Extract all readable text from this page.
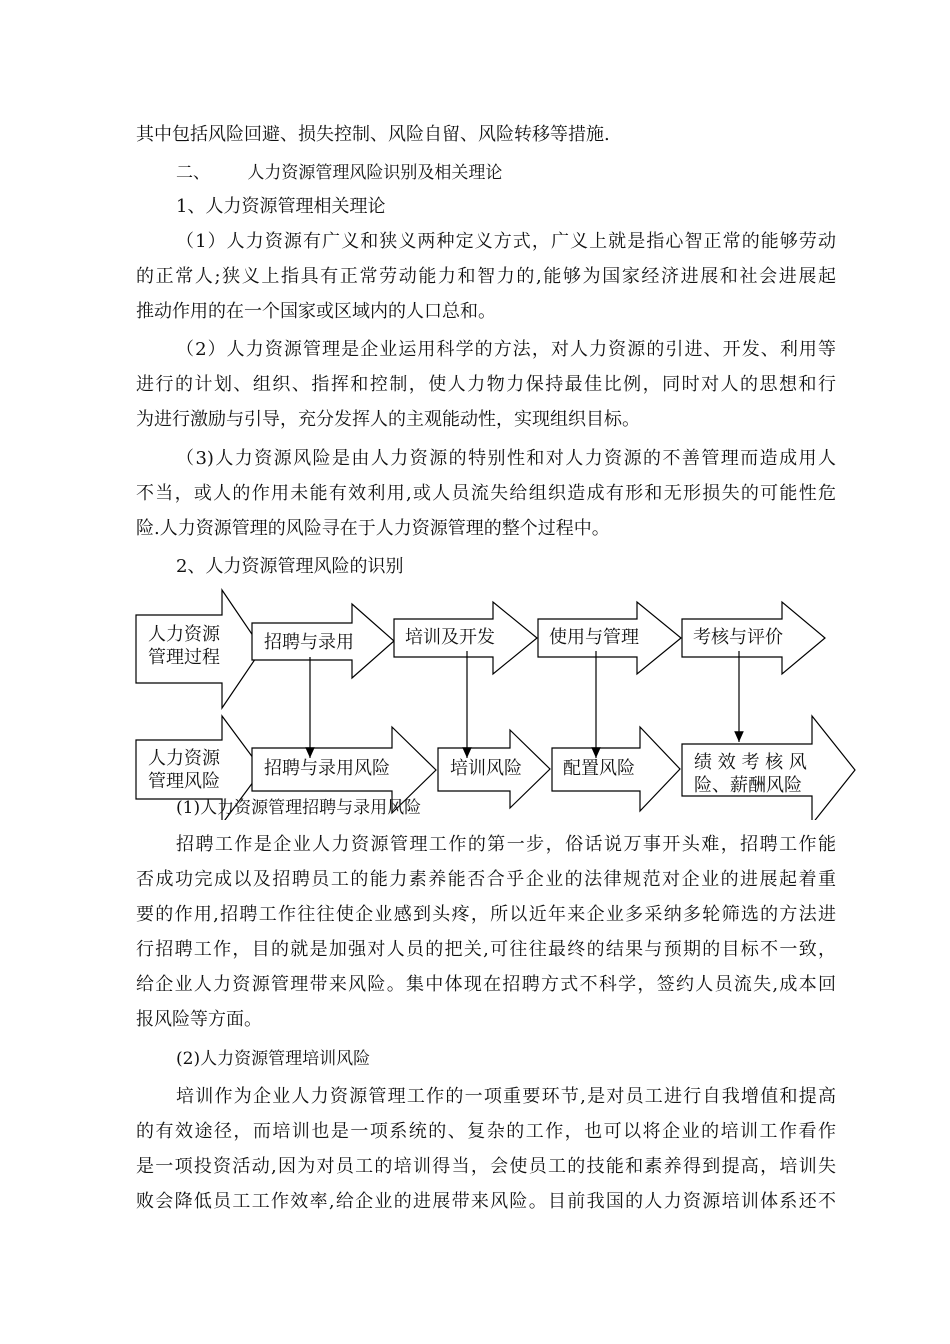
其中包括风险回避、损失控制、风险自留、风险转移等措施.
二、 人力资源管理风险识别及相关理论
1、人力资源管理相关理论
（1）人力资源有广义和狭义两种定义方式，广义上就是指心智正常的能够劳动
的正常人;狭义上指具有正常劳动能力和智力的,能够为国家经济进展和社会进展起
推动作用的在一个国家或区域内的人口总和。
（2）人力资源管理是企业运用科学的方法，对人力资源的引进、开发、利用等
进行的计划、组织、指挥和控制，使人力物力保持最佳比例，同时对人的思想和行
为进行激励与引导，充分发挥人的主观能动性，实现组织目标。
（3)人力资源风险是由人力资源的特别性和对人力资源的不善管理而造成用人
不当，或人的作用未能有效利用,或人员流失给组织造成有形和无形损失的可能性危
险.人力资源管理的风险寻在于人力资源管理的整个过程中。
2、人力资源管理风险的识别
人力资源
管理过程
招聘与录用	培训及开发	使用与管理	考核与评价
人力资源
管理风险
招聘与录用风险	培训风险 配置风险	绩 效 考 核 风
险、薪酬风险
(1)人力资源管理招聘与录用风险
招聘工作是企业人力资源管理工作的第一步，俗话说万事开头难，招聘工作能
否成功完成以及招聘员工的能力素养能否合乎企业的法律规范对企业的进展起着重
要的作用,招聘工作往往使企业感到头疼，所以近年来企业多采纳多轮筛选的方法进
行招聘工作，目的就是加强对人员的把关,可往往最终的结果与预期的目标不一致，
给企业人力资源管理带来风险。集中体现在招聘方式不科学，签约人员流失,成本回
报风险等方面。
(2)人力资源管理培训风险
培训作为企业人力资源管理工作的一项重要环节,是对员工进行自我增值和提高
的有效途径，而培训也是一项系统的、复杂的工作，也可以将企业的培训工作看作
是一项投资活动,因为对员工的培训得当，会使员工的技能和素养得到提高，培训失
败会降低员工工作效率,给企业的进展带来风险。目前我国的人力资源培训体系还不
